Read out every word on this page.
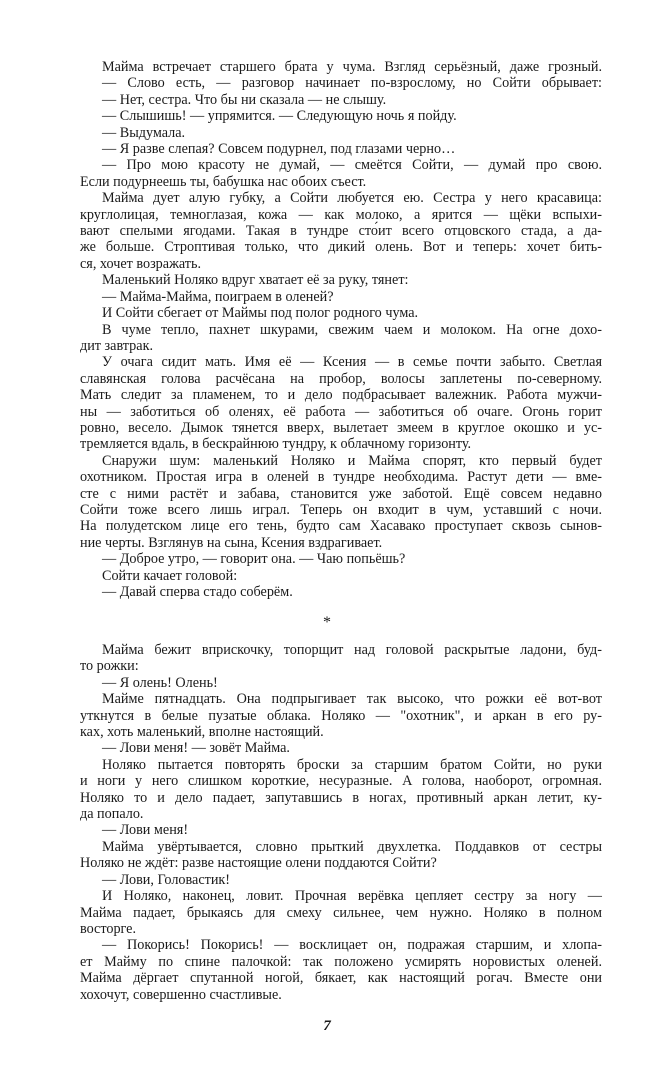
Майма встречает старшего брата у чума. Взгляд серьёзный, даже грозный.
— Слово есть, — разговор начинает по-взрослому, но Сойти обрывает:
— Нет, сестра. Что бы ни сказала — не слышу.
— Слышишь! — упрямится. — Следующую ночь я пойду.
— Выдумала.
— Я разве слепая? Совсем подурнел, под глазами черно…
— Про мою красоту не думай, — смеётся Сойти, — думай про свою.
Если подурнеешь ты, бабушка нас обоих съест.
Майма дует алую губку, а Сойти любуется ею. Сестра у него красавица:
круглолицая, темноглазая, кожа — как молоко, а ярится — щёки вспыхи-
вают спелыми ягодами. Такая в тундре сто́ит всего отцовского стада, а да-
же больше. Строптивая только, что дикий олень. Вот и теперь: хочет бить-
ся, хочет возражать.
Маленький Ноляко вдруг хватает её за руку, тянет:
— Майма-Майма, поиграем в оленей?
И Сойти сбегает от Маймы под полог родного чума.
В чуме тепло, пахнет шкурами, свежим чаем и молоком. На огне дохо-
дит завтрак.
У очага сидит мать. Имя её — Ксения — в семье почти забыто. Светлая
славянская голова расчёсана на пробор, волосы заплетены по-северному.
Мать следит за пламенем, то и дело подбрасывает валежник. Работа мужчи-
ны — заботиться об оленях, её работа — заботиться об очаге. Огонь горит
ровно, весело. Дымок тянется вверх, вылетает змеем в круглое окошко и ус-
тремляется вдаль, в бескрайнюю тундру, к облачному горизонту.
Снаружи шум: маленький Ноляко и Майма спорят, кто первый будет
охотником. Простая игра в оленей в тундре необходима. Растут дети — вме-
сте с ними растёт и забава, становится уже заботой. Ещё совсем недавно
Сойти тоже всего лишь играл. Теперь он входит в чум, уставший с ночи.
На полудетском лице его тень, будто сам Хасавако проступает сквозь сынов-
ние черты. Взглянув на сына, Ксения вздрагивает.
— Доброе утро, — говорит она. — Чаю попьёшь?
Сойти качает головой:
— Давай сперва стадо соберём.
*
Майма бежит вприскочку, топорщит над головой раскрытые ладони, буд-
то рожки:
— Я олень! Олень!
Майме пятнадцать. Она подпрыгивает так высоко, что рожки её вот-вот
уткнутся в белые пузатые облака. Ноляко — "охотник", и аркан в его ру-
ках, хоть маленький, вполне настоящий.
— Лови меня! — зовёт Майма.
Ноляко пытается повторять броски за старшим братом Сойти, но руки
и ноги у него слишком короткие, несуразные. А голова, наоборот, огромная.
Ноляко то и дело падает, запутавшись в ногах, противный аркан летит, ку-
да попало.
— Лови меня!
Майма увёртывается, словно прыткий двухлетка. Поддавков от сестры
Ноляко не ждёт: разве настоящие олени поддаются Сойти?
— Лови, Головастик!
И Ноляко, наконец, ловит. Прочная верёвка цепляет сестру за ногу —
Майма падает, брыкаясь для смеху сильнее, чем нужно. Ноляко в полном
восторге.
— Покорись! Покорись! — восклицает он, подражая старшим, и хлопа-
ет Майму по спине палочкой: так положено усмирять норовистых оленей.
Майма дёргает спутанной ногой, бякает, как настоящий рогач. Вместе они
хохочут, совершенно счастливые.
7
